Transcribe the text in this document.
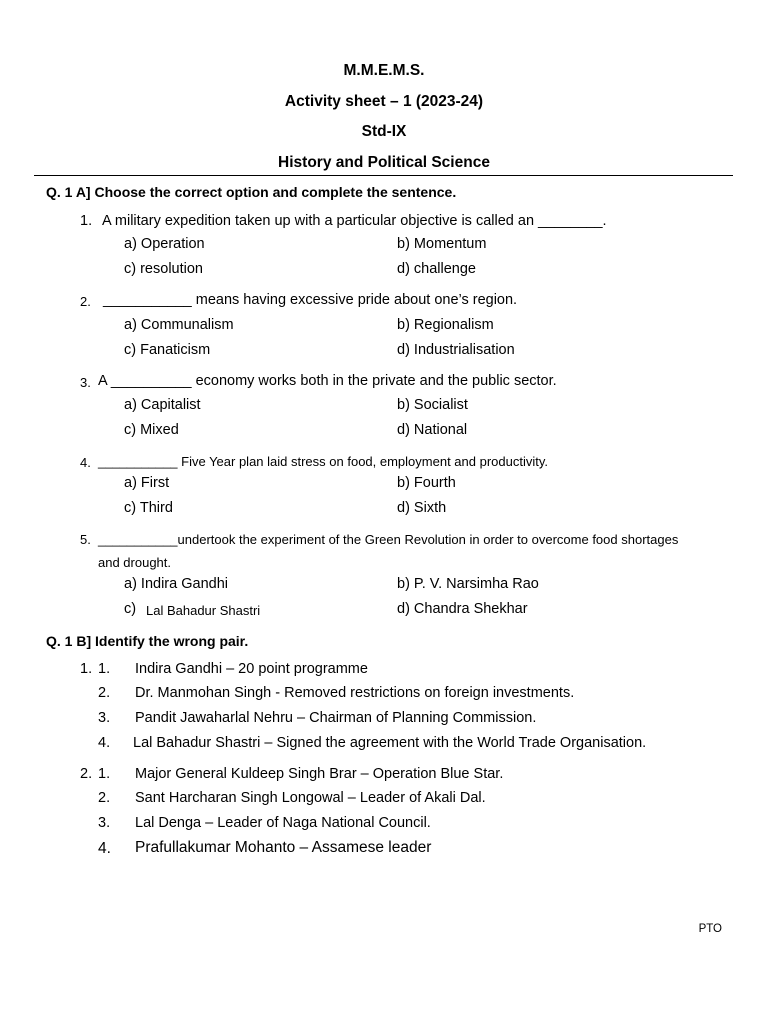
M.M.E.M.S.
Activity sheet – 1 (2023-24)
Std-IX
History and Political Science
Q. 1 A] Choose the correct option and complete the sentence.
1. A military expedition taken up with a particular objective is called an ________.
a) Operation	b) Momentum
c) resolution	d) challenge
2. ___________ means having excessive pride about one’s region.
a) Communalism	b) Regionalism
c) Fanaticism	d) Industrialisation
3. A __________ economy works both in the private and the public sector.
a) Capitalist	b) Socialist
c) Mixed	d) National
4. ___________ Five Year plan laid stress on food, employment and productivity.
a) First	b) Fourth
c) Third	d) Sixth
5. ___________undertook the experiment of the Green Revolution in order to overcome food shortages
and drought.
a) Indira Gandhi	b) P. V. Narsimha Rao
c) Lal Bahadur Shastri	d) Chandra Shekhar
Q. 1 B] Identify the wrong pair.
1. 1. Indira Gandhi – 20 point programme
2. Dr. Manmohan Singh - Removed restrictions on foreign investments.
3. Pandit Jawaharlal Nehru – Chairman of Planning Commission.
4. Lal Bahadur Shastri – Signed the agreement with the World Trade Organisation.
2. 1. Major General Kuldeep Singh Brar – Operation Blue Star.
2. Sant Harcharan Singh Longowal – Leader of Akali Dal.
3. Lal Denga – Leader of Naga National Council.
4. Prafullakumar Mohanto – Assamese leader
PTO
